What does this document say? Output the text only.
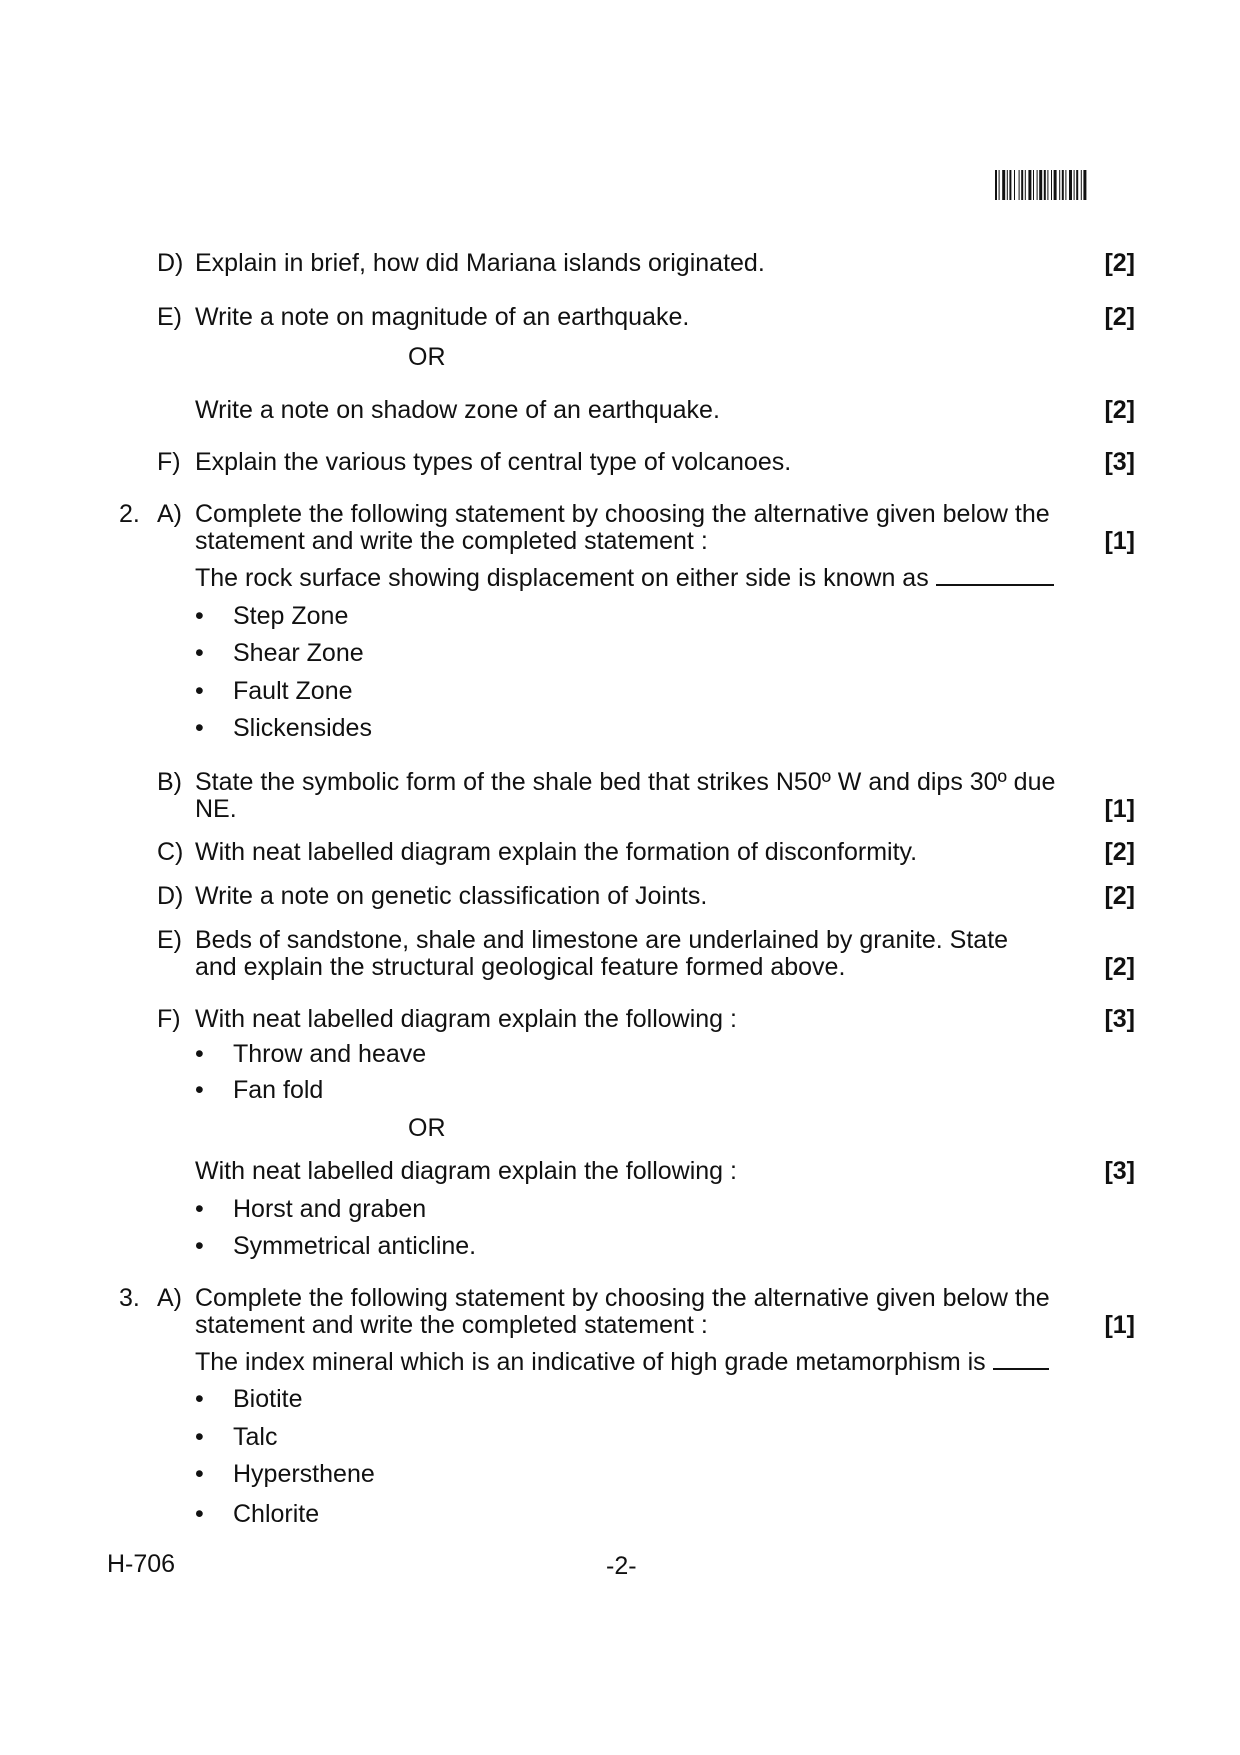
D) Explain in brief, how did Mariana islands originated.	[2]
E) Write a note on magnitude of an earthquake.	[2]
OR
Write a note on shadow zone of an earthquake.	[2]
F) Explain the various types of central type of volcanoes.	[3]
2. A) Complete the following statement by choosing the alternative given below the
statement and write the completed statement :	[1]
The rock surface showing displacement on either side is known as
• Step Zone
• Shear Zone
• Fault Zone
• Slickensides
B) State the symbolic form of the shale bed that strikes N50º W and dips 30º due
NE.	[1]
C) With neat labelled diagram explain the formation of disconformity.	[2]
D) Write a note on genetic classification of Joints.	[2]
E) Beds of sandstone, shale and limestone are underlained by granite. State
and explain the structural geological feature formed above.	[2]
F) With neat labelled diagram explain the following :	[3]
• Throw and heave
• Fan fold
OR
With neat labelled diagram explain the following :	[3]
• Horst and graben
• Symmetrical anticline.
3. A) Complete the following statement by choosing the alternative given below the
statement and write the completed statement :	[1]
The index mineral which is an indicative of high grade metamorphism is
• Biotite
• Talc
• Hypersthene
• Chlorite
H-706	-2-
